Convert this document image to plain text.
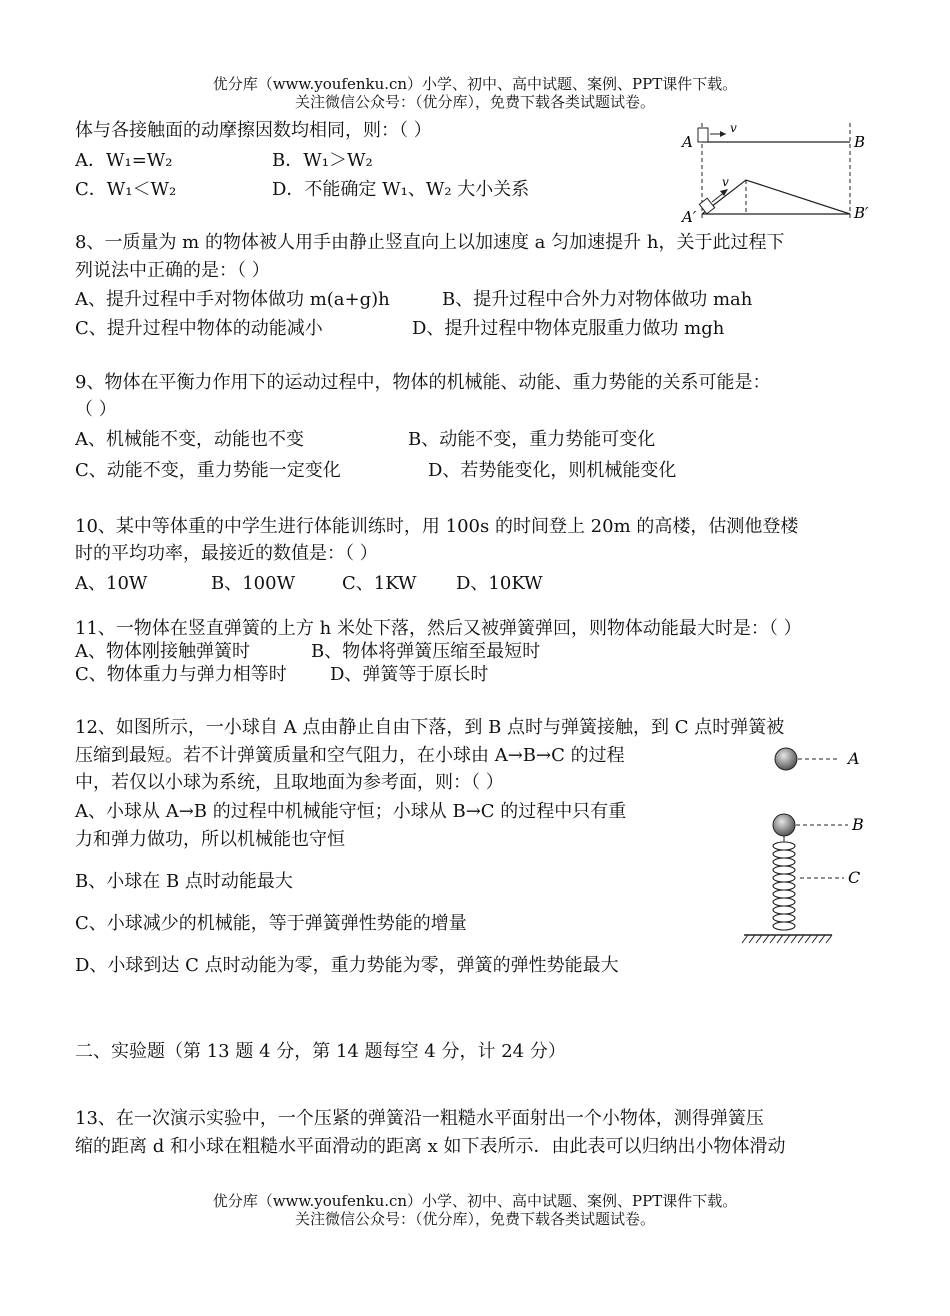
优分库（www.youfenku.cn）小学、初中、高中试题、案例、PPT课件下载。
关注微信公众号：（优分库），免费下载各类试题试卷。
体与各接触面的动摩擦因数均相同，则：（ ）
A．W₁=W₂	B．W₁＞W₂
C．W₁＜W₂	D．不能确定 W₁、W₂ 大小关系
v
A	B
v
A′	B′
8、一质量为 m 的物体被人用手由静止竖直向上以加速度 a 匀加速提升 h，关于此过程下
列说法中正确的是：（ ）
A、提升过程中手对物体做功 m(a+g)h	B、提升过程中合外力对物体做功 mah
C、提升过程中物体的动能减小	D、提升过程中物体克服重力做功 mgh
9、物体在平衡力作用下的运动过程中，物体的机械能、动能、重力势能的关系可能是：
（ ）
A、机械能不变，动能也不变	B、动能不变，重力势能可变化
C、动能不变，重力势能一定变化	D、若势能变化，则机械能变化
10、某中等体重的中学生进行体能训练时，用 100s 的时间登上 20m 的高楼，估测他登楼
时的平均功率，最接近的数值是：（ ）
A、10W	B、100W	C、1KW D、10KW
11、一物体在竖直弹簧的上方 h 米处下落，然后又被弹簧弹回，则物体动能最大时是：（ ）
A、物体刚接触弹簧时	B、物体将弹簧压缩至最短时
C、物体重力与弹力相等时 D、弹簧等于原长时
12、如图所示，一小球自 A 点由静止自由下落，到 B 点时与弹簧接触，到 C 点时弹簧被
压缩到最短。若不计弹簧质量和空气阻力，在小球由 A→B→C 的过程
中，若仅以小球为系统，且取地面为参考面，则：（ ）
A、小球从 A→B 的过程中机械能守恒；小球从 B→C 的过程中只有重
力和弹力做功，所以机械能也守恒
B、小球在 B 点时动能最大
C、小球减少的机械能，等于弹簧弹性势能的增量
D、小球到达 C 点时动能为零，重力势能为零，弹簧的弹性势能最大
A
B
C
二、实验题（第 13 题 4 分，第 14 题每空 4 分，计 24 分）
13、在一次演示实验中，一个压紧的弹簧沿一粗糙水平面射出一个小物体，测得弹簧压
缩的距离 d 和小球在粗糙水平面滑动的距离 x 如下表所示．由此表可以归纳出小物体滑动
优分库（www.youfenku.cn）小学、初中、高中试题、案例、PPT课件下载。
关注微信公众号：（优分库），免费下载各类试题试卷。
